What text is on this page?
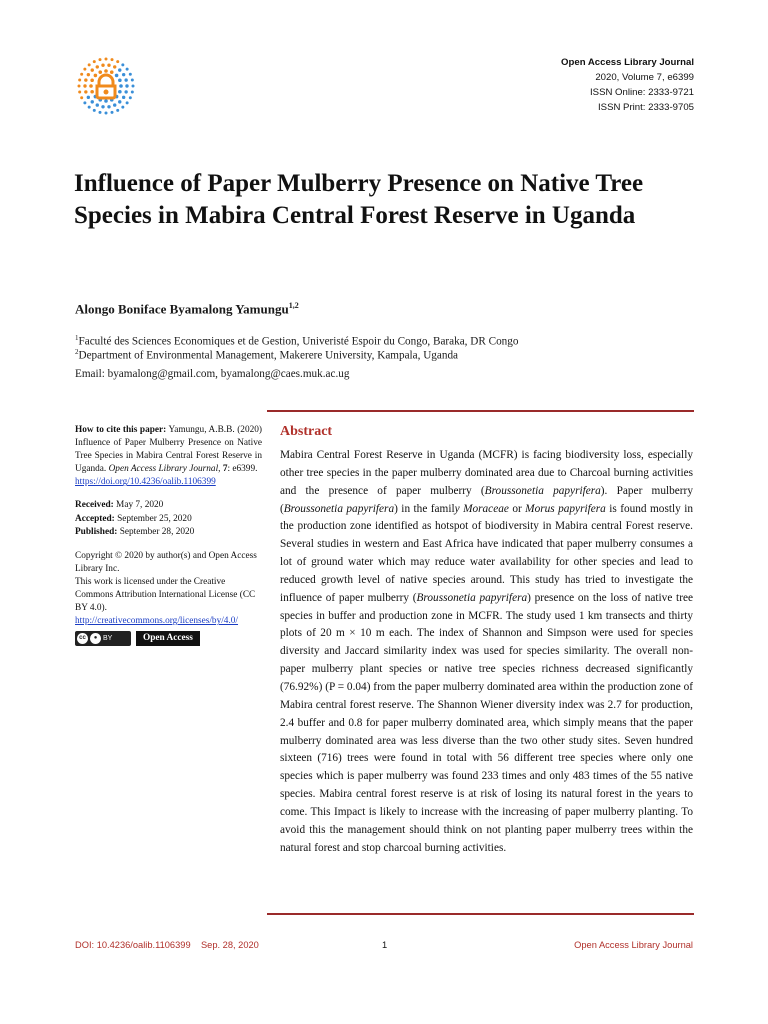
Open Access Library Journal
2020, Volume 7, e6399
ISSN Online: 2333-9721
ISSN Print: 2333-9705
Influence of Paper Mulberry Presence on Native Tree Species in Mabira Central Forest Reserve in Uganda
Alongo Boniface Byamalong Yamungu$^{1,2}$
$^1$Faculté des Sciences Economiques et de Gestion, Univeristé Espoir du Congo, Baraka, DR Congo
$^2$Department of Environmental Management, Makerere University, Kampala, Uganda
Email: byamalong@gmail.com, byamalong@caes.muk.ac.ug

How to cite this paper: Yamungu, A.B.B. (2020) Influence of Paper Mulberry Presence on Native Tree Species in Mabira Central Forest Reserve in Uganda. Open Access Library Journal, 7: e6399.
https://doi.org/10.4236/oalib.1106399

Received: May 7, 2020
Accepted: September 25, 2020
Published: September 28, 2020

Copyright © 2020 by author(s) and Open Access Library Inc.
This work is licensed under the Creative Commons Attribution International License (CC BY 4.0).
http://creativecommons.org/licenses/by/4.0/

cc	● BY	Open Access
Abstract

Mabira Central Forest Reserve in Uganda (MCFR) is facing biodiversity loss, especially other tree species in the paper mulberry dominated area due to Charcoal burning activities and the presence of paper mulberry (Broussonetia papyrifera). Paper mulberry (Broussonetia papyrifera) in the family Moraceae or Morus papyrifera is found mostly in the production zone identified as hotspot of biodiversity in Mabira central Forest reserve. Several studies in western and East Africa have indicated that paper mulberry consumes a lot of ground water which may reduce water availability for other species and lead to reduced growth level of native species around. This study has tried to investigate the influence of paper mulberry (Broussonetia papyrifera) presence on the loss of native tree species in buffer and production zone in MCFR. The study used 1 km transects and thirty plots of 20 m × 10 m each. The index of Shannon and Simpson were used for species diversity and Jaccard similarity index was used for species similarity. The overall non-paper mulberry plant species or native tree species richness decreased significantly (76.92%) (P = 0.04) from the paper mulberry dominated area within the production zone of Mabira central forest reserve. The Shannon Wiener diversity index was 2.7 for production, 2.4 buffer and 0.8 for paper mulberry dominated area, which simply means that the paper mulberry dominated area was less diverse than the two other study sites. Seven hundred sixteen (716) trees were found in total with 56 different tree species where only one species which is paper mulberry was found 233 times and only 483 times of the 55 native species. Mabira central forest reserve is at risk of losing its natural forest in the years to come. This Impact is likely to increase with the increasing of paper mulberry planting. To avoid this the management should think on not planting paper mulberry trees within the natural forest and stop charcoal burning activities.

DOI: 10.4236/oalib.1106399    Sep. 28, 2020	1	Open Access Library Journal
